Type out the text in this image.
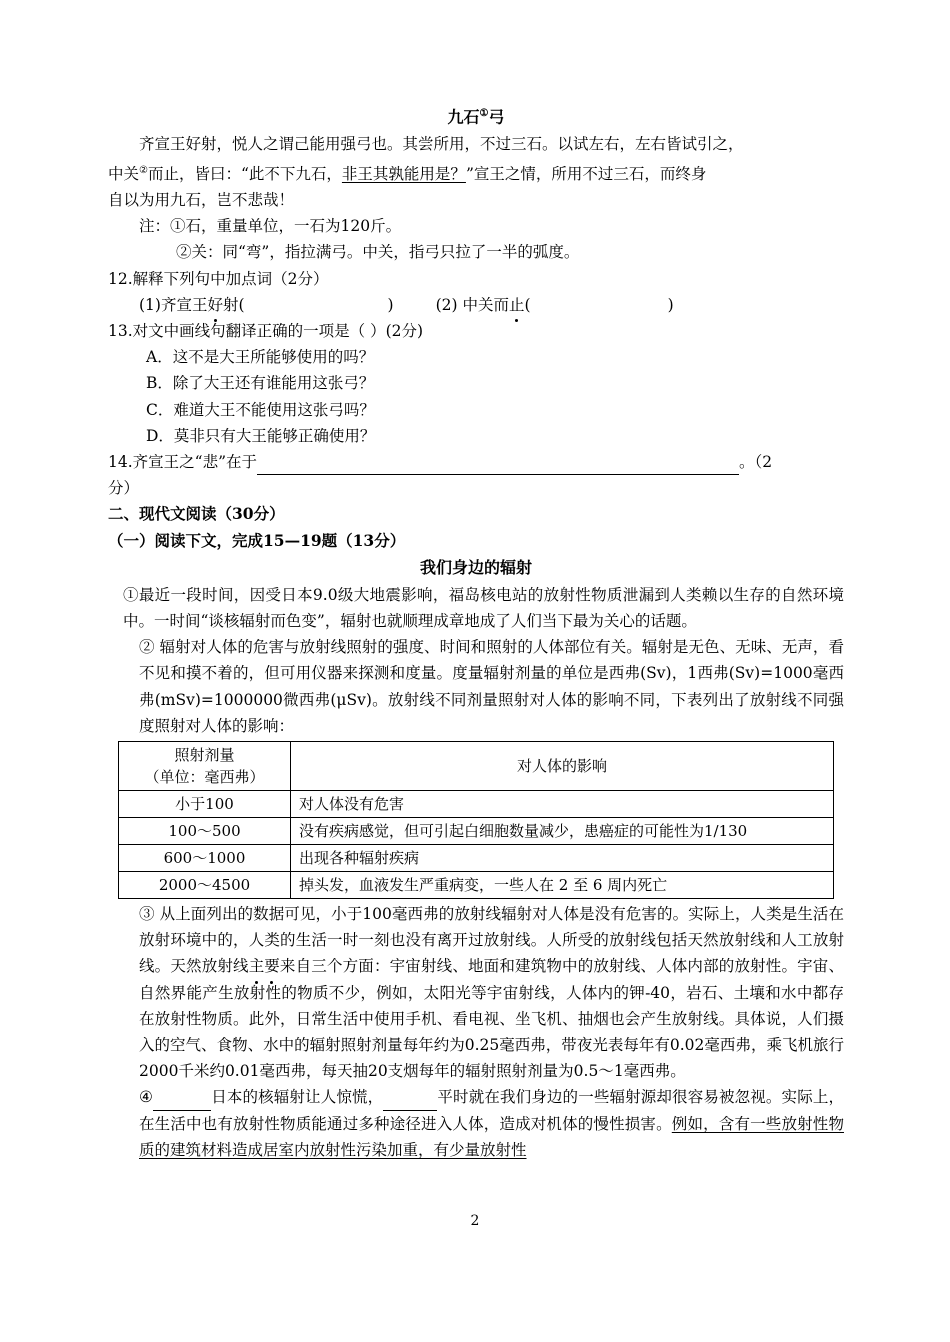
九石①弓
齐宣王好射，悦人之谓己能用强弓也。其尝所用，不过三石。以试左右，左右皆试引之，
中关②而止，皆曰：“此不下九石，非王其孰能用是？”宣王之情，所用不过三石，而终身
自以为用九石，岂不悲哉！
注：①石，重量单位，一石为120斤。
②关：同“弯”，指拉满弓。中关，指弓只拉了一半的弧度。
12.解释下列句中加点词（2分）
(1)齐宣王好射(	)	(2) 中关而止(	)
13.对文中画线句翻译正确的一项是（ ）(2分)
A．这不是大王所能够使用的吗？
B．除了大王还有谁能用这张弓？
C．难道大王不能使用这张弓吗？
D．莫非只有大王能够正确使用？
14.齐宣王之“悲”在于	。（2
分）
二、现代文阅读（30分）
（一）阅读下文，完成15—19题（13分）
我们身边的辐射
①最近一段时间，因受日本9.0级大地震影响，福岛核电站的放射性物质泄漏到人类赖以生存的自然环境中。一时间“谈核辐射而色变”，辐射也就顺理成章地成了人们当下最为关心的话题。
② 辐射对人体的危害与放射线照射的强度、时间和照射的人体部位有关。辐射是无色、无味、无声，看不见和摸不着的，但可用仪器来探测和度量。度量辐射剂量的单位是西弗(Sv)，1西弗(Sv)=1000毫西弗(mSv)=1000000微西弗(μSv)。放射线不同剂量照射对人体的影响不同，下表列出了放射线不同强度照射对人体的影响：
照射剂量
（单位：毫西弗）	对人体的影响
小于100	对人体没有危害
100～500	没有疾病感觉，但可引起白细胞数量减少，患癌症的可能性为1/130
600～1000	出现各种辐射疾病
2000～4500	掉头发，血液发生严重病变，一些人在 2 至 6 周内死亡
③ 从上面列出的数据可见，小于100毫西弗的放射线辐射对人体是没有危害的。实际上，人类是生活在放射环境中的，人类的生活一时一刻也没有离开过放射线。人所受的放射线包括天然放射线和人工放射线。天然放射线主要来自三个方面：宇宙射线、地面和建筑物中的放射线、人体内部的放射性。宇宙、自然界能产生放射性的物质不少，例如，太阳光等宇宙射线，人体内的钾-40，岩石、土壤和水中都存在放射性物质。此外，日常生活中使用手机、看电视、坐飞机、抽烟也会产生放射线。具体说，人们摄入的空气、食物、水中的辐射照射剂量每年约为0.25毫西弗，带夜光表每年有0.02毫西弗，乘飞机旅行2000千米约0.01毫西弗，每天抽20支烟每年的辐射照射剂量为0.5～1毫西弗。
④	日本的核辐射让人惊慌，	平时就在我们身边的一些辐射源却很容易被忽视。实际上，在生活中也有放射性物质能通过多种途径进入人体，造成对机体的慢性损害。例如，含有一些放射性物质的建筑材料造成居室内放射性污染加重，有少量放射性
2
